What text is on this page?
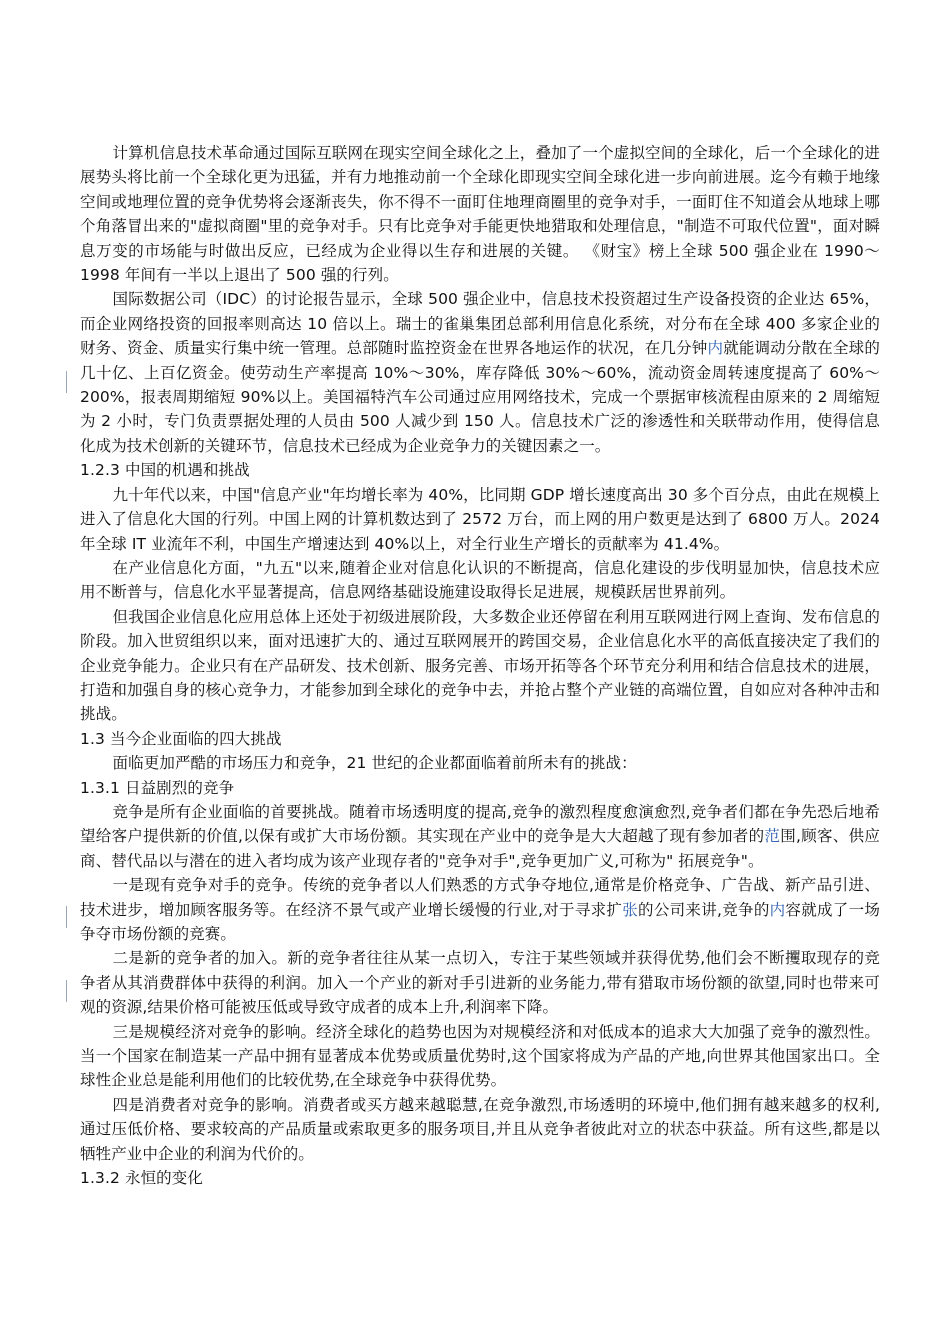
计算机信息技术革命通过国际互联网在现实空间全球化之上，叠加了一个虚拟空间的全球化，后一个全球化的进展势头将比前一个全球化更为迅猛，并有力地推动前一个全球化即现实空间全球化进一步向前进展。迄今有赖于地缘空间或地理位置的竞争优势将会逐渐丧失，你不得不一面盯住地理商圈里的竞争对手，一面盯住不知道会从地球上哪个角落冒出来的"虚拟商圈"里的竞争对手。只有比竞争对手能更快地猎取和处理信息，"制造不可取代位置"，面对瞬息万变的市场能与时做出反应，已经成为企业得以生存和进展的关键。 《财宝》榜上全球 500 强企业在 1990～1998 年间有一半以上退出了 500 强的行列。

国际数据公司（IDC）的讨论报告显示，全球 500 强企业中，信息技术投资超过生产设备投资的企业达 65%，而企业网络投资的回报率则高达 10 倍以上。瑞士的雀巢集团总部利用信息化系统，对分布在全球 400 多家企业的财务、资金、质量实行集中统一管理。总部随时监控资金在世界各地运作的状况，在几分钟内就能调动分散在全球的几十亿、上百亿资金。使劳动生产率提高 10%～30%，库存降低 30%～60%，流动资金周转速度提高了 60%～200%，报表周期缩短 90%以上。美国福特汽车公司通过应用网络技术，完成一个票据审核流程由原来的 2 周缩短为 2 小时，专门负责票据处理的人员由 500 人减少到 150 人。信息技术广泛的渗透性和关联带动作用，使得信息化成为技术创新的关键环节，信息技术已经成为企业竞争力的关键因素之一。

1.2.3 中国的机遇和挑战

九十年代以来，中国"信息产业"年均增长率为 40%，比同期 GDP 增长速度高出 30 多个百分点，由此在规模上进入了信息化大国的行列。中国上网的计算机数达到了 2572 万台，而上网的用户数更是达到了 6800 万人。2024 年全球 IT 业流年不利，中国生产增速达到 40%以上，对全行业生产增长的贡献率为 41.4%。

在产业信息化方面，"九五"以来,随着企业对信息化认识的不断提高，信息化建设的步伐明显加快，信息技术应用不断普与，信息化水平显著提高，信息网络基础设施建设取得长足进展，规模跃居世界前列。

但我国企业信息化应用总体上还处于初级进展阶段，大多数企业还停留在利用互联网进行网上查询、发布信息的阶段。加入世贸组织以来，面对迅速扩大的、通过互联网展开的跨国交易，企业信息化水平的高低直接决定了我们的企业竞争能力。企业只有在产品研发、技术创新、服务完善、市场开拓等各个环节充分利用和结合信息技术的进展，打造和加强自身的核心竞争力，才能参加到全球化的竞争中去，并抢占整个产业链的高端位置，自如应对各种冲击和挑战。

1.3 当今企业面临的四大挑战

面临更加严酷的市场压力和竞争，21 世纪的企业都面临着前所未有的挑战：

1.3.1 日益剧烈的竞争

竞争是所有企业面临的首要挑战。随着市场透明度的提高,竞争的激烈程度愈演愈烈,竞争者们都在争先恐后地希望给客户提供新的价值,以保有或扩大市场份额。其实现在产业中的竞争是大大超越了现有参加者的范围,顾客、供应商、替代品以与潜在的进入者均成为该产业现存者的"竞争对手",竞争更加广义,可称为" 拓展竞争"。

一是现有竞争对手的竞争。传统的竞争者以人们熟悉的方式争夺地位,通常是价格竞争、广告战、新产品引进、技术进步，增加顾客服务等。在经济不景气或产业增长缓慢的行业,对于寻求扩张的公司来讲,竞争的内容就成了一场争夺市场份额的竞赛。

二是新的竞争者的加入。新的竞争者往往从某一点切入，专注于某些领域并获得优势,他们会不断攫取现存的竞争者从其消费群体中获得的利润。加入一个产业的新对手引进新的业务能力,带有猎取市场份额的欲望,同时也带来可观的资源,结果价格可能被压低或导致守成者的成本上升,利润率下降。

三是规模经济对竞争的影响。经济全球化的趋势也因为对规模经济和对低成本的追求大大加强了竞争的激烈性。当一个国家在制造某一产品中拥有显著成本优势或质量优势时,这个国家将成为产品的产地,向世界其他国家出口。全球性企业总是能利用他们的比较优势,在全球竞争中获得优势。

四是消费者对竞争的影响。消费者或买方越来越聪慧,在竞争激烈,市场透明的环境中,他们拥有越来越多的权利,通过压低价格、要求较高的产品质量或索取更多的服务项目,并且从竞争者彼此对立的状态中获益。所有这些,都是以牺牲产业中企业的利润为代价的。

1.3.2 永恒的变化
